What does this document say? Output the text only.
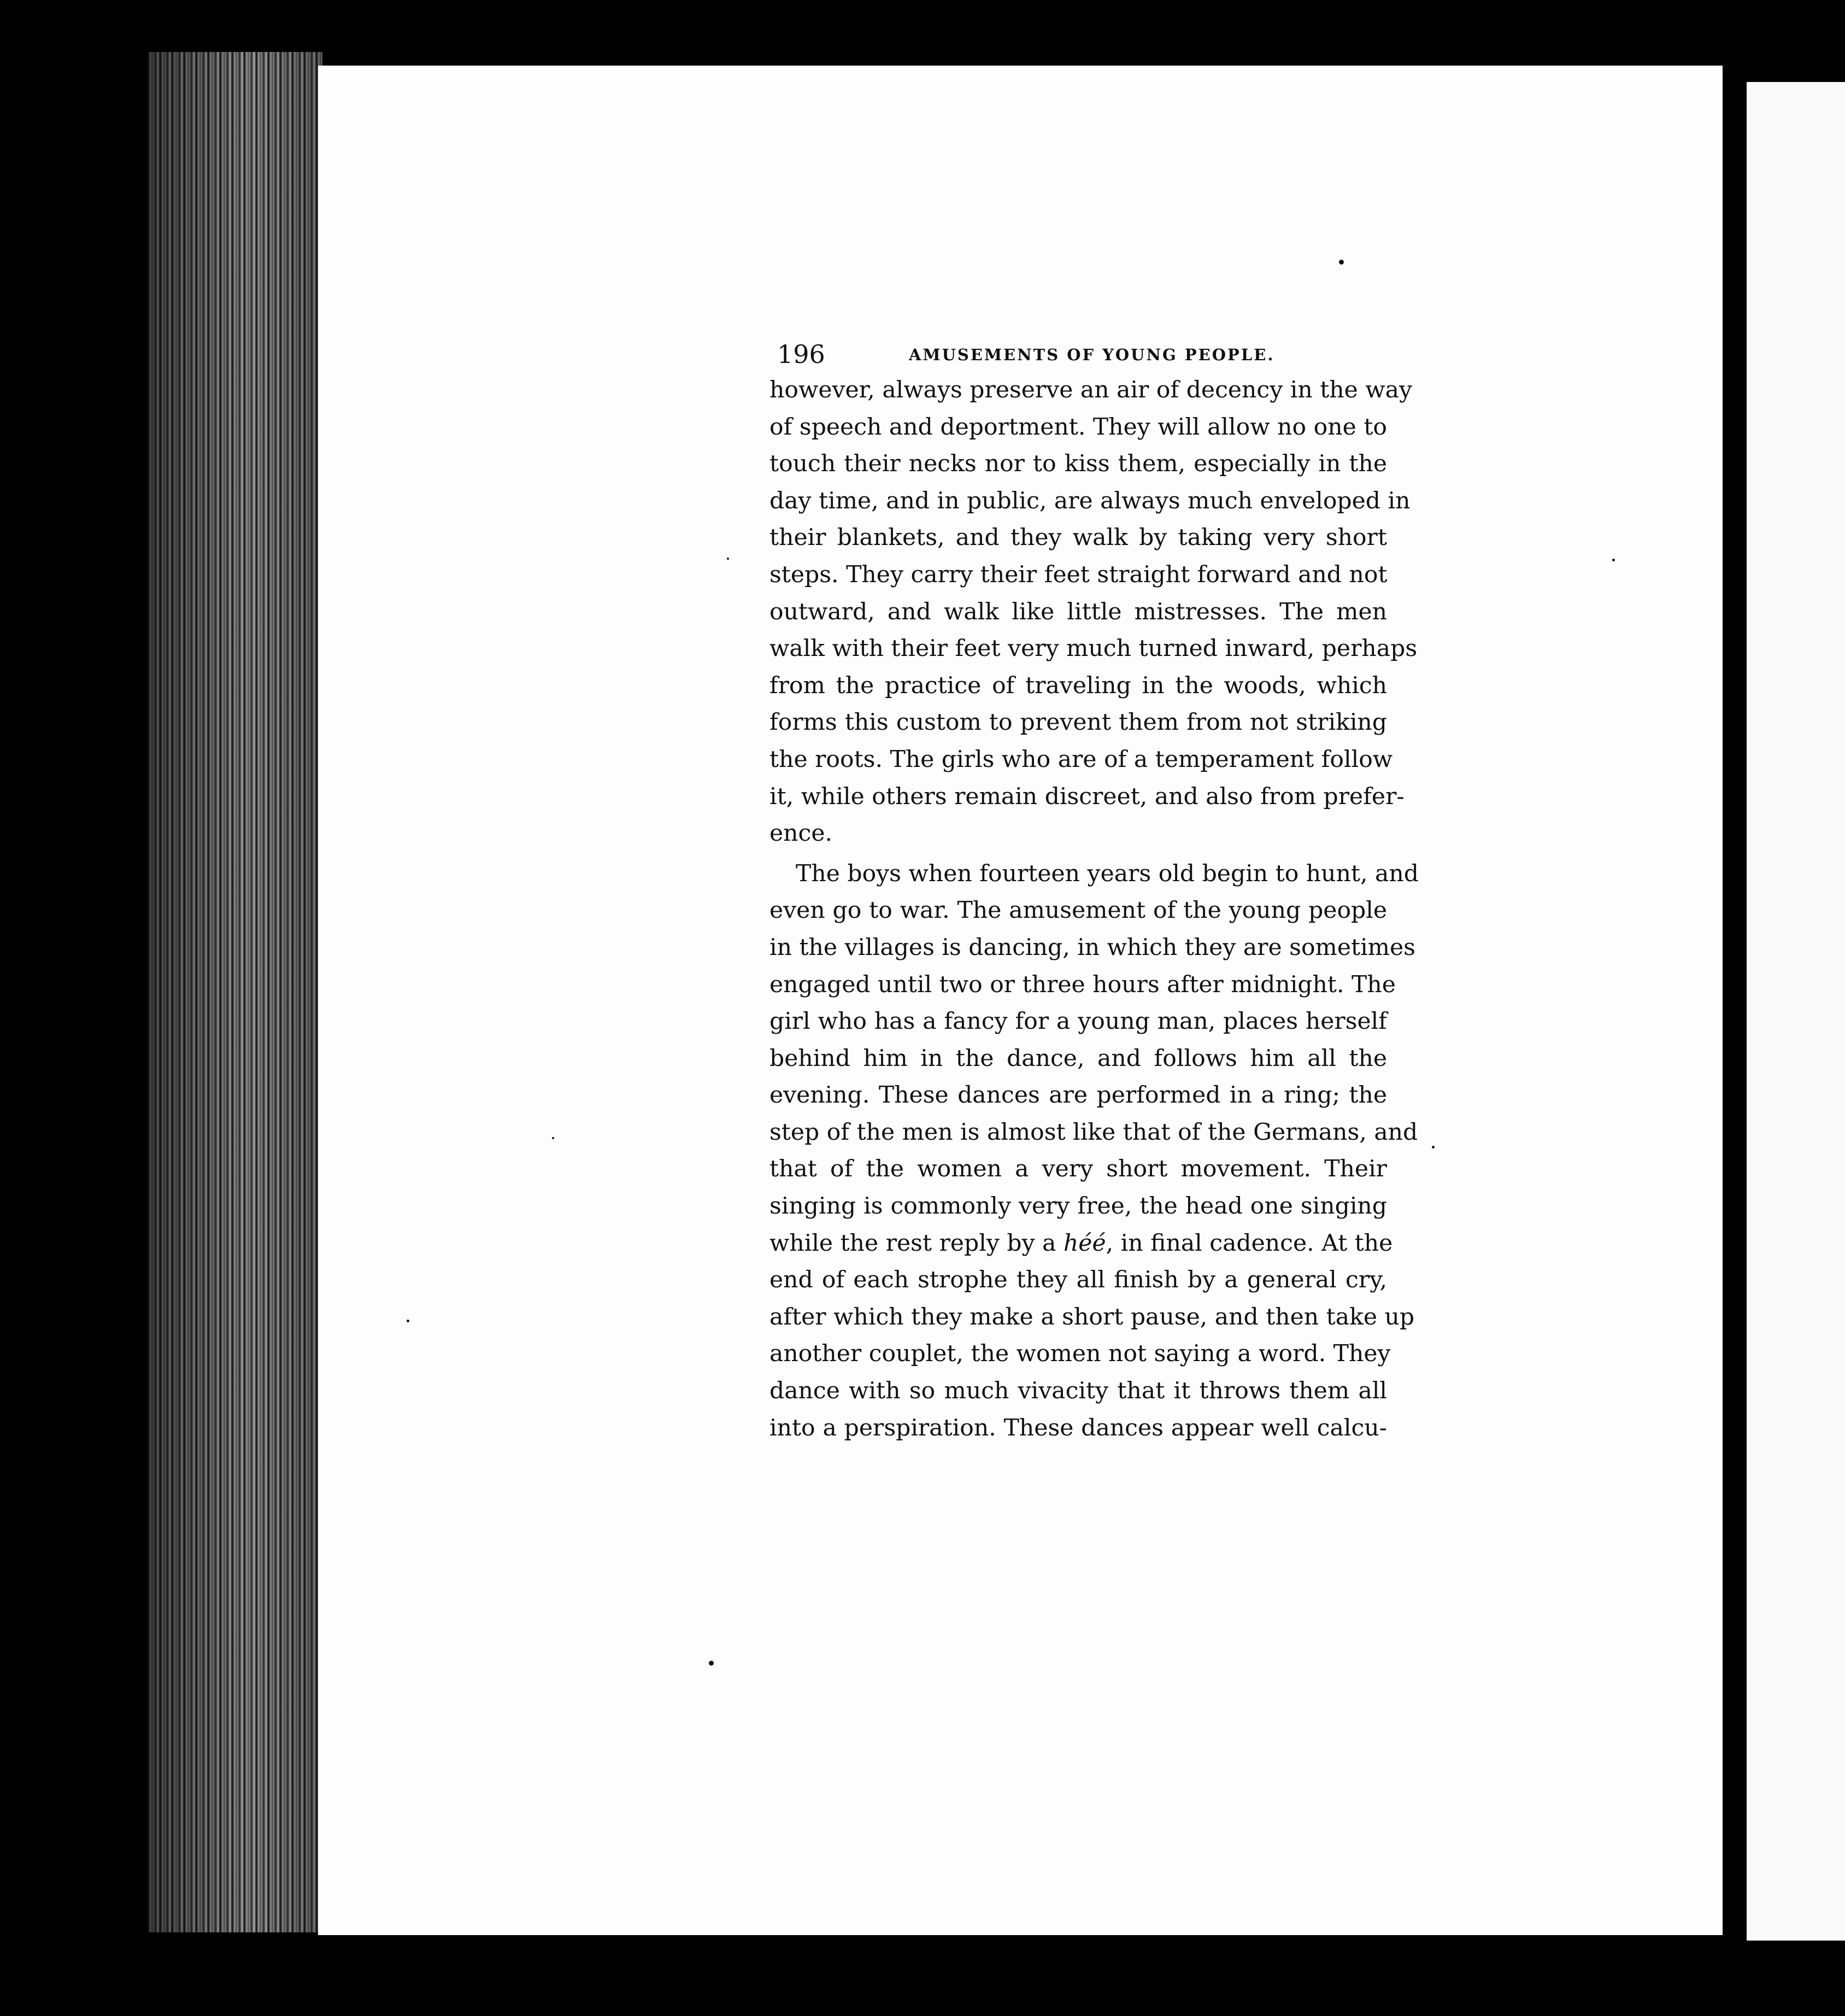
196	AMUSEMENTS OF YOUNG PEOPLE.

however, always preserve an air of decency in the way
of speech and deportment. They will allow no one to
touch their necks nor to kiss them, especially in the
day time, and in public, are always much enveloped in
their blankets, and they walk by taking very short
steps. They carry their feet straight forward and not
outward, and walk like little mistresses. The men
walk with their feet very much turned inward, perhaps
from the practice of traveling in the woods, which
forms this custom to prevent them from not striking
the roots. The girls who are of a temperament follow
it, while others remain discreet, and also from prefer-
ence.

The boys when fourteen years old begin to hunt, and
even go to war. The amusement of the young people
in the villages is dancing, in which they are sometimes
engaged until two or three hours after midnight. The
girl who has a fancy for a young man, places herself
behind him in the dance, and follows him all the
evening. These dances are performed in a ring; the
step of the men is almost like that of the Germans, and
that of the women a very short movement. Their
singing is commonly very free, the head one singing
while the rest reply by a héé, in final cadence. At the
end of each strophe they all finish by a general cry,
after which they make a short pause, and then take up
another couplet, the women not saying a word. They
dance with so much vivacity that it throws them all
into a perspiration. These dances appear well calcu-
